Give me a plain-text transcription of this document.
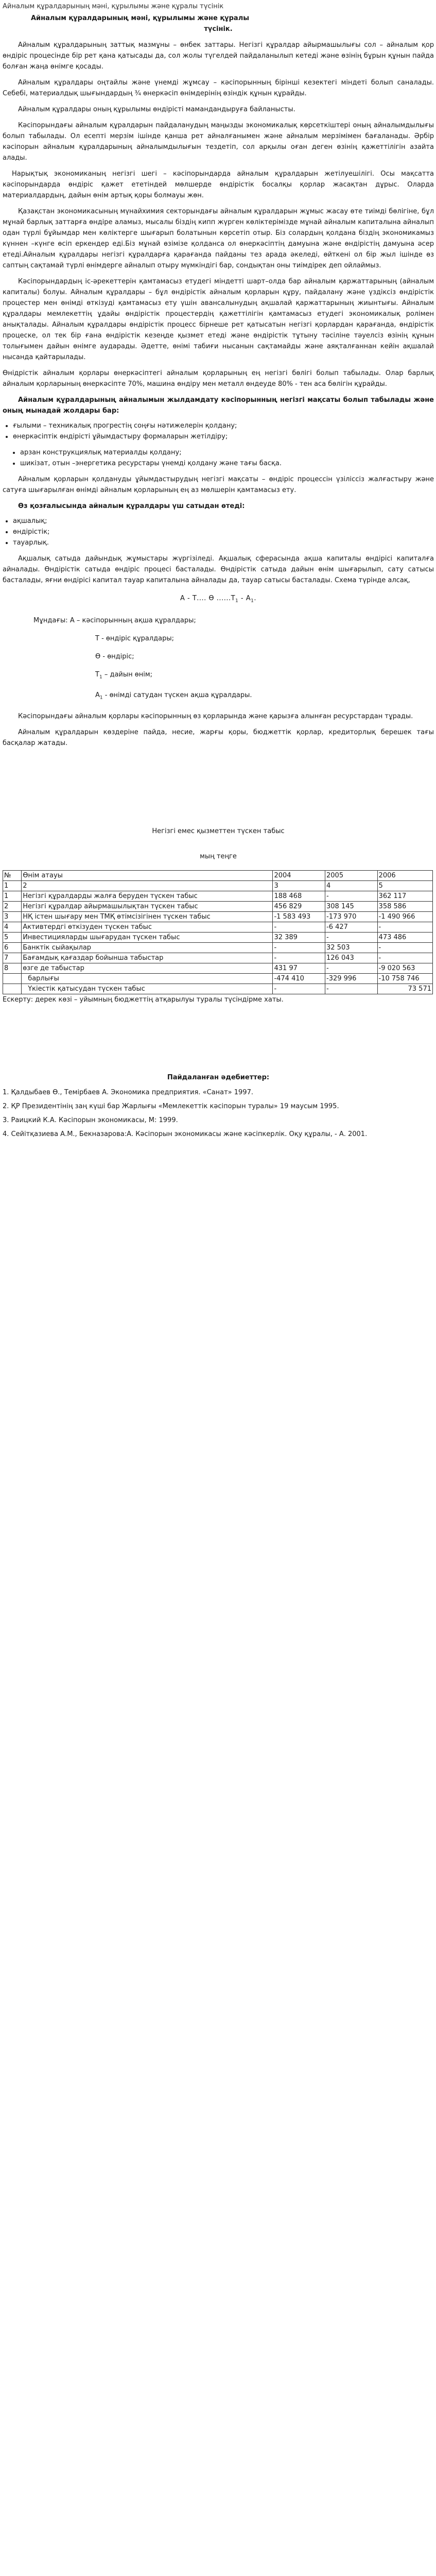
Айналым құралдарының мәні, құрылымы және құралы түсінік
Айналым құралдарының мәні, құрылымы және құралы
түсінік.

Айналым құралдарының заттық мазмұны – өнбек заттары. Негізгі құралдар айырмашылығы сол – айналым қор өндіріс процесінде бір рет қана қатысады да, сол жолы түгелдей пайдаланылып кетеді және өзінің бұрын құнын пайда болған жаңа өнімге қосады.

Айналым құралдары оңтайлы және үнемді жұмсау – кәсіпорынның бірінші кезектегі міндеті болып саналады. Себебі, материалдық шығындардың ¾ өнеркәсіп өнімдерінің өзіндік құнын құрайды.

Айналым құралдары оның құрылымы өндірісті мамандандыруға байланысты.

Кәсіпорындағы айналым құралдарын пайдаланудың маңызды экономикалық көрсеткіштері оның айналымдылығы болып табылады. Ол есепті мерзім ішінде қанша рет айналғанымен және айналым мерзімімен бағаланады. Әрбір кәсіпорын айналым құралдарының айналымдылығын тездетіп, сол арқылы оған деген өзінің қажеттілігін азайта алады.

Нарықтық экономиканың негізгі шегі – кәсіпорындарда айналым құралдарын жетілуешілігі. Осы мақсатта кәсіпорындарда өндіріс қажет ететіндей мөлшерде өндірістік босалқы қорлар жасақтан дұрыс. Оларда материалдардың, дайын өнім артық қоры болмауы жөн.

Қазақстан экономикасының мүнайхимия секторындағы айналым құралдарын жұмыс жасау өте тиімді бөлігіне, бұл мұнай барлық заттарға өндіре аламыз, мысалы біздің кипп жүрген көліктерімізде мұнай айналым капиталына айналып одан түрлі бұйымдар мен көліктерге шығарып болатынын көрсетіп отыр. Біз солардың қолдана біздің экономикамыз күннен –күнге өсіп еркендер еді.Біз мұнай өзімізе қолданса ол өнеркәсіптің дамуына және өндірістің дамуына әсер етеді.Айналым құралдары негізгі құралдарға қарағанда пайданы тез арада әкеледі, өйткені ол бір жыл ішінде өз саптың сақтамай түрлі өнімдерге айналып отыру мүмкіндігі бар, сондықтан оны тиімдірек деп ойлаймыз.

Кәсіпорындардың іс-әрекеттерін қамтамасыз етудегі міндетті шарт–олда бар айналым қаржаттарының (айналым капиталы) болуы. Айналым құралдары – бұл өндірістік айналым қорларын құру, пайдалану және үздіксіз өндірістік процестер мен өнімді өткізуді қамтамасыз ету үшін авансалынудың ақшалай қаржаттарының жиынтығы. Айналым құралдары мемлекеттің ұдайы өндірістік процестердің қажеттілігін қамтамасыз етудегі экономикалық ролімен анықталады. Айналым құралдары өндірістік процесс бірнеше рет қатысатын негізгі қорлардан қарағанда, өндірістік процеске, ол тек бір ғана өндірістік кезеңде қызмет етеді және өндірістік тұтыну тәсіліне тәуелсіз өзінің құнын толығымен дайын өнімге аударады. Әдетте, өнімі табиғи нысанын сақтамайды және аяқталғаннан кейін ақшалай нысанда қайтарылады.

Өнідрістік айналым қорлары өнеркәсіптегі айналым қорларының ең негізгі бөлігі болып табылады. Олар барлық айналым қорларының өнеркәсіпте 70%, машина өндіру мен металл өндеуде 80% - тен аса бөлігін құрайды.

Айналым құралдарының айналымын жылдамдату кәсіпорынның негізгі мақсаты болып табылады және оның мынадай жолдары бар:
• ғылыми – техникалық прогрестің соңғы нәтижелерін қолдану;
• өнеркәсіптік өндірісті ұйымдастыру формаларын жетілдіру;
• арзан конструкциялық материалды қолдану;
• шикізат, отын –энергетика ресурстары үнемді қолдану және тағы басқа.

Айналым қорларын қолдануды ұйымдастырудың негізгі мақсаты – өндіріс процессін үзіліссіз жалғастыру және сатуға шығарылған өнімді айналым қорларының ең аз мөлшерін қамтамасыз ету.

Өз қозғалысында айналым құралдары үш сатыдан өтеді:
• ақшалық;
• өндірістік;
• тауарлық.

Ақшалық сатыда дайындық жұмыстары жүргізіледі. Ақшалық сферасында ақша капиталы өндірісі капиталға айналады. Өндірістік сатыда өндіріс процесі басталады. Өндірістік сатыда дайын өнім шығарылып, сату сатысы басталады, яғни өндірісі капитал тауар капиталына айналады да, тауар сатысы басталады. Схема түрінде алсақ,

А - Т.... Ө $......Т_1 - А_1$.
Мұндағы: А – кәсіпорынның ақша құралдары;
Т - өндіріс құралдары;
Ө - өндіріс;
$Т_1$ – дайын өнім;
$А_1$ - өнімді сатудан түскен ақша құралдары.

Кәсіпорындағы айналым қорлары кәсіпорынның өз қорларында және қарызға алынған ресурстардан тұрады.

Айналым құралдарын көздеріне пайда, несие, жарғы қоры, бюджеттік қорлар, кредиторлық берешек тағы басқалар жатады.

Негізгі емес қызметтен түскен табыс
мың теңге
№	Өнім атауы	2004	2005	2006
1	2	3	4	5
1	Негізгі құралдарды жалға беруден түскен табыс	188 468	-	362 117
2	Негізгі құралдар айырмашылықтан түскен табыс	456 829	308 145	358 586
3	НҚ істен шығару мен ТМҚ өтімсізігінен түскен табыс	-1 583 493	-173 970	-1 490 966
4	Активтердгі өткізуден түскен табыс	-	-6 427	-
5	Инвестицияларды шығарудан түскен табыс	32 389	-	473 486
6	Банктік сыйақылар	-	32 503	-
7	Бағамдық қағаздар бойынша табыстар	-	126 043	-
8	өзге де табыстар	431 97	-	-9 020 563
	барлығы	-474 410	-329 996	-10 758 746
	Үкіестік қатысудан түскен табыс	-	-	73 571

Ескерту: дерек көзі – уйымның бюджеттің атқарылуы туралы түсіндірме хаты.

Пайдаланған әдебиеттер:
1. Қалдыбаев Ө., Темірбаев А. Экономика предприятия. «Санат» 1997.
2. ҚР Президентінің заң күші бар Жарлығы «Мемлекеттік кәсіпорын туралы» 19 маусым 1995.
3. Раицкий К.А. Кәсіпорын экономикасы, М: 1999.
4. Сейітқазиева А.М., Бекназарова:А. Кәсіпорын экономикасы және кәсіпкерлік. Оқу құралы, - А. 2001.
